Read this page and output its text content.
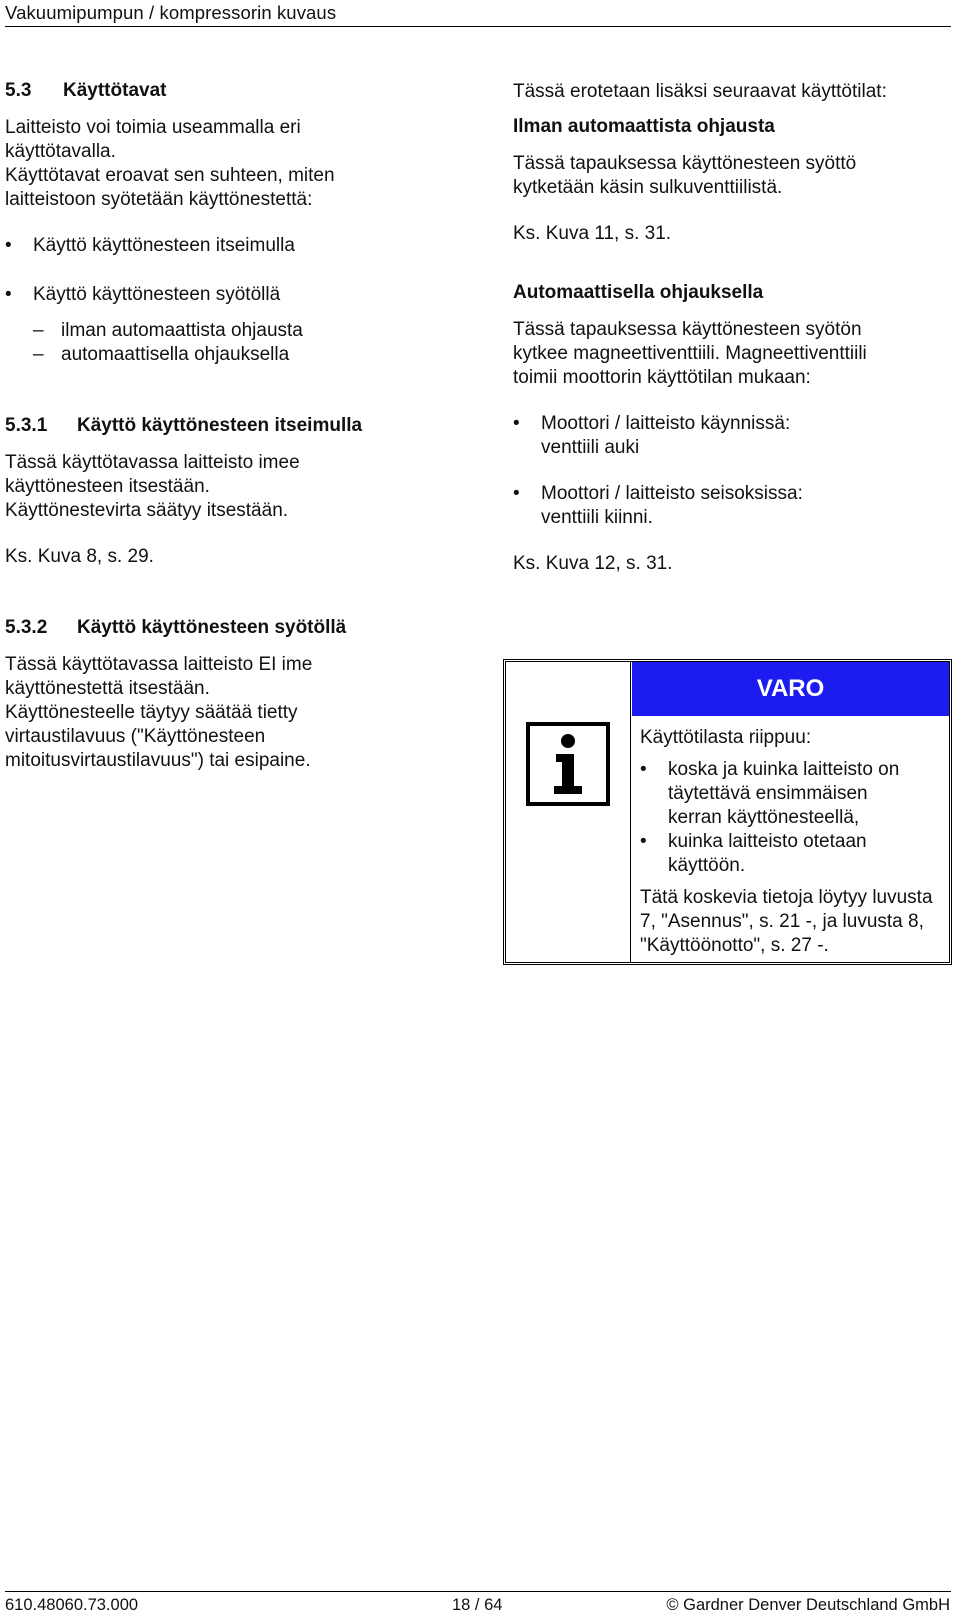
Vakuumipumpun / kompressorin kuvaus
5.3	Käyttötavat

Laitteisto voi toimia useammalla eri käyttötavalla.

Käyttötavat eroavat sen suhteen, miten laitteistoon syötetään käyttönestettä:

• Käyttö käyttönesteen itseimulla
• Käyttö käyttönesteen syötöllä
– ilman automaattista ohjausta
– automaattisella ohjauksella
5.3.1	Käyttö käyttönesteen itseimulla

Tässä käyttötavassa laitteisto imee käyttönesteen itsestään.

Käyttönestevirta säätyy itsestään.

Ks. Kuva 8, s. 29.

5.3.2	Käyttö käyttönesteen syötöllä

Tässä käyttötavassa laitteisto EI ime käyttönestettä itsestään.

Käyttönesteelle täytyy säätää tietty virtaustilavuus ("Käyttönesteen mitoitusvirtaustilavuus") tai esipaine.

Tässä erotetaan lisäksi seuraavat käyttötilat:

Ilman automaattista ohjausta

Tässä tapauksessa käyttönesteen syöttö kytketään käsin sulkuventtiilistä.

Ks. Kuva 11, s. 31.

Automaattisella ohjauksella

Tässä tapauksessa käyttönesteen syötön kytkee magneettiventtiili. Magneettiventtiili toimii moottorin käyttötilan mukaan:

• Moottori / laitteisto käynnissä: venttiili auki
• Moottori / laitteisto seisoksissa: venttiili kiinni.

Ks. Kuva 12, s. 31.

VARO

Käyttötilasta riippuu:

• koska ja kuinka laitteisto on täytettävä ensimmäisen kerran käyttönesteellä,
• kuinka laitteisto otetaan käyttöön.

Tätä koskevia tietoja löytyy luvusta 7, "Asennus", s. 21 -, ja luvusta 8, "Käyttöönotto", s. 27 -.

610.48060.73.000	18 / 64	© Gardner Denver Deutschland GmbH
